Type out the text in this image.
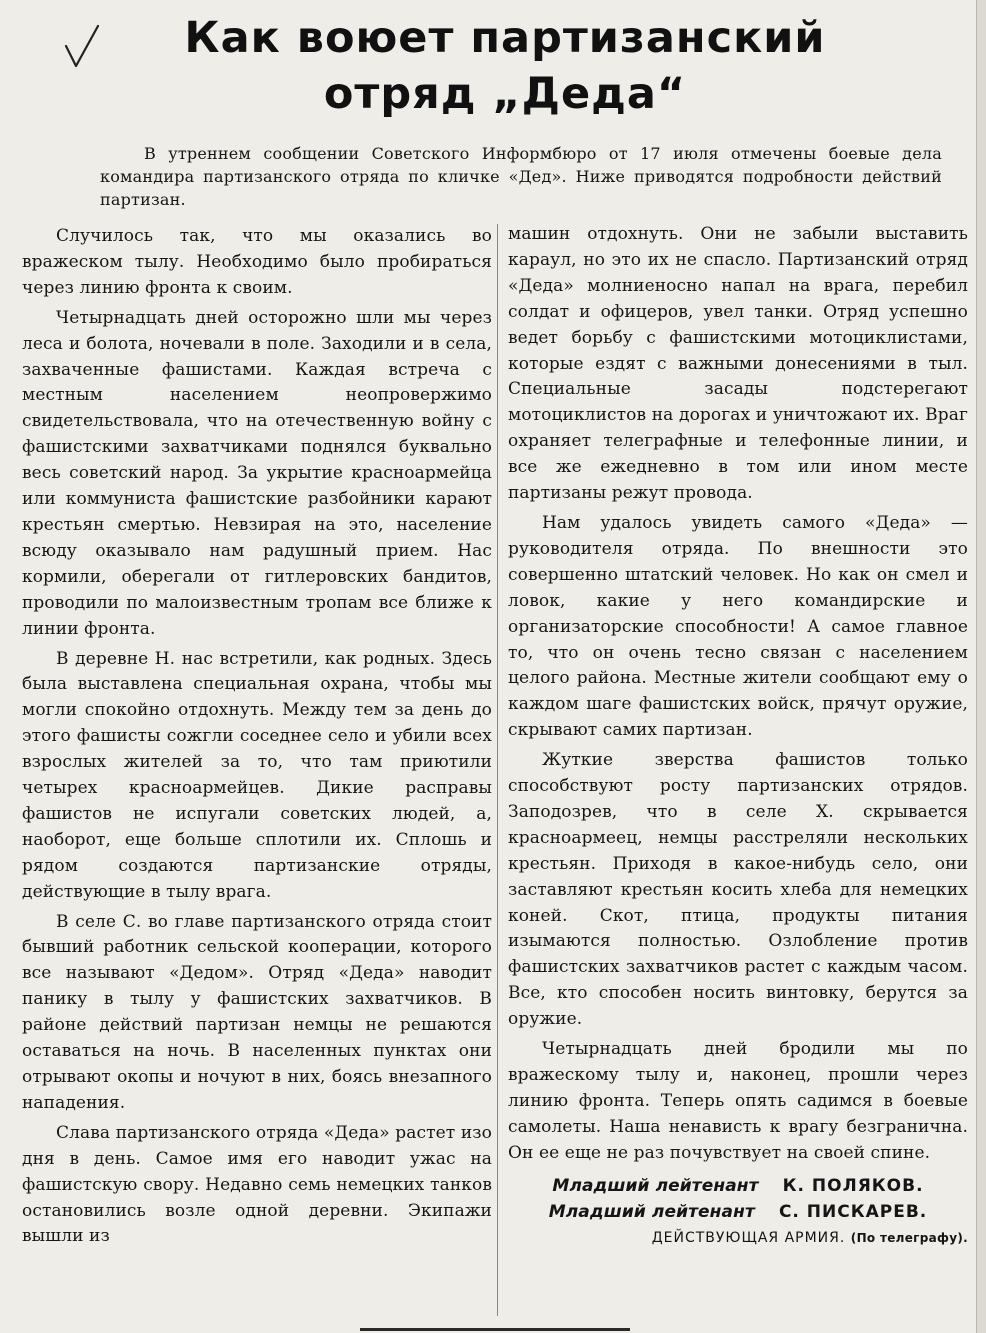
Как воюет партизанский
отряд „Деда“

В утреннем сообщении Советского Информбюро от 17 июля отмечены боевые дела командира партизанского отряда по кличке «Дед». Ниже приводятся подробности действий партизан.

Случилось так, что мы оказались во вражеском тылу. Необходимо было пробираться через линию фронта к своим.

Четырнадцать дней осторожно шли мы через леса и болота, ночевали в поле. Заходили и в села, захваченные фашистами. Каждая встреча с местным населением неопровержимо свидетельствовала, что на отечественную войну с фашистскими захватчиками поднялся буквально весь советский народ. За укрытие красноармейца или коммуниста фашистские разбойники карают крестьян смертью. Невзирая на это, население всюду оказывало нам радушный прием. Нас кормили, оберегали от гитлеровских бандитов, проводили по малоизвестным тропам все ближе к линии фронта.

В деревне Н. нас встретили, как родных. Здесь была выставлена специальная охрана, чтобы мы могли спокойно отдохнуть. Между тем за день до этого фашисты сожгли соседнее село и убили всех взрослых жителей за то, что там приютили четырех красноармейцев. Дикие расправы фашистов не испугали советских людей, а, наоборот, еще больше сплотили их. Сплошь и рядом создаются партизанские отряды, действующие в тылу врага.

В селе С. во главе партизанского отряда стоит бывший работник сельской кооперации, которого все называют «Дедом». Отряд «Деда» наводит панику в тылу у фашистских захватчиков. В районе действий партизан немцы не решаются оставаться на ночь. В населенных пунктах они отрывают окопы и ночуют в них, боясь внезапного нападения.

Слава партизанского отряда «Деда» растет изо дня в день. Самое имя его наводит ужас на фашистскую свору. Недавно семь немецких танков остановились возле одной деревни. Экипажи вышли из

машин отдохнуть. Они не забыли выставить караул, но это их не спасло. Партизанский отряд «Деда» молниеносно напал на врага, перебил солдат и офицеров, увел танки. Отряд успешно ведет борьбу с фашистскими мотоциклистами, которые ездят с важными донесениями в тыл. Специальные засады подстерегают мотоциклистов на дорогах и уничтожают их. Враг охраняет телеграфные и телефонные линии, и все же ежедневно в том или ином месте партизаны режут провода.

Нам удалось увидеть самого «Деда» — руководителя отряда. По внешности это совершенно штатский человек. Но как он смел и ловок, какие у него командирские и организаторские способности! А самое главное то, что он очень тесно связан с населением целого района. Местные жители сообщают ему о каждом шаге фашистских войск, прячут оружие, скрывают самих партизан.

Жуткие зверства фашистов только способствуют росту партизанских отрядов. Заподозрев, что в селе Х. скрывается красноармеец, немцы расстреляли нескольких крестьян. Приходя в какое-нибудь село, они заставляют крестьян косить хлеба для немецких коней. Скот, птица, продукты питания изымаются полностью. Озлобление против фашистских захватчиков растет с каждым часом. Все, кто способен носить винтовку, берутся за оружие.

Четырнадцать дней бродили мы по вражескому тылу и, наконец, прошли через линию фронта. Теперь опять садимся в боевые самолеты. Наша ненависть к врагу безгранична. Он ее еще не раз почувствует на своей спине.

Младший лейтенант К. ПОЛЯКОВ.
Младший лейтенант С. ПИСКАРЕВ.
ДЕЙСТВУЮЩАЯ АРМИЯ. (По телеграфу).
